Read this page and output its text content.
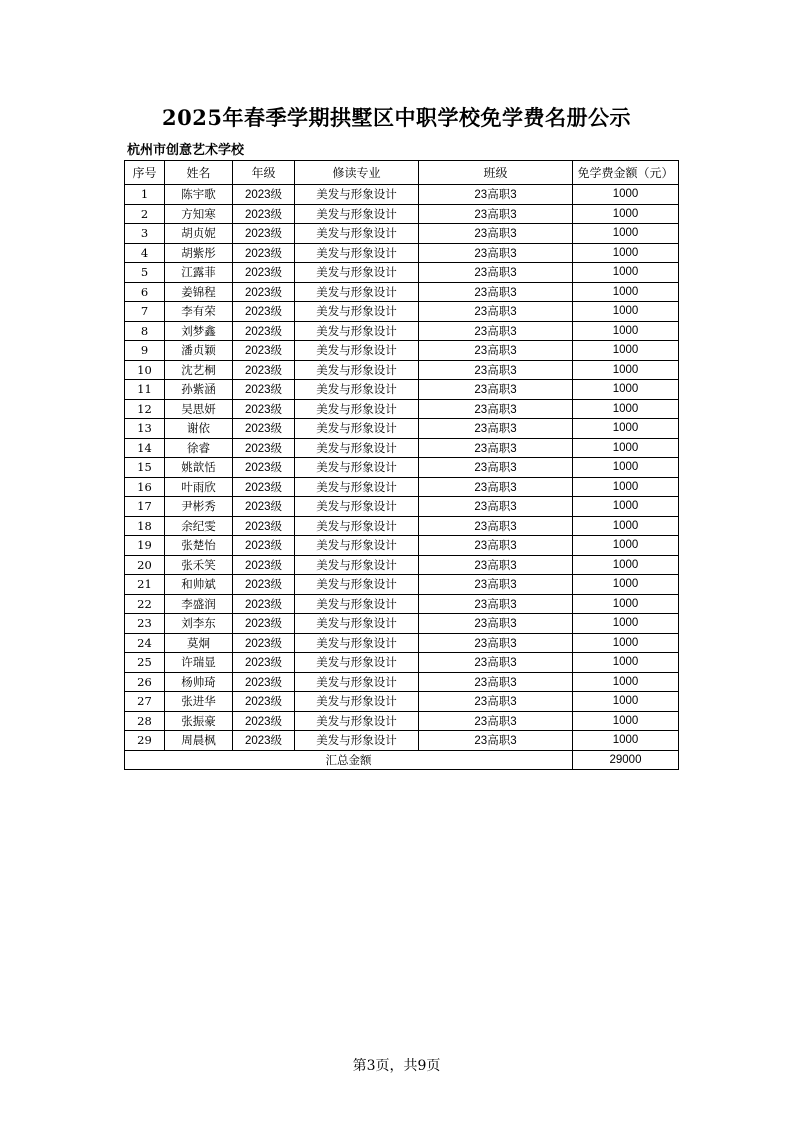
2025年春季学期拱墅区中职学校免学费名册公示
杭州市创意艺术学校
序号	姓名	年级	修读专业	班级	免学费金额（元）
1	陈宇歌	2023级	美发与形象设计	23高职3	1000
2	方知寒	2023级	美发与形象设计	23高职3	1000
3	胡贞妮	2023级	美发与形象设计	23高职3	1000
4	胡紫彤	2023级	美发与形象设计	23高职3	1000
5	江露菲	2023级	美发与形象设计	23高职3	1000
6	姜锦程	2023级	美发与形象设计	23高职3	1000
7	李有荣	2023级	美发与形象设计	23高职3	1000
8	刘梦鑫	2023级	美发与形象设计	23高职3	1000
9	潘贞颖	2023级	美发与形象设计	23高职3	1000
10	沈艺桐	2023级	美发与形象设计	23高职3	1000
11	孙紫涵	2023级	美发与形象设计	23高职3	1000
12	吴思妍	2023级	美发与形象设计	23高职3	1000
13	谢依	2023级	美发与形象设计	23高职3	1000
14	徐睿	2023级	美发与形象设计	23高职3	1000
15	姚歆恬	2023级	美发与形象设计	23高职3	1000
16	叶雨欣	2023级	美发与形象设计	23高职3	1000
17	尹彬秀	2023级	美发与形象设计	23高职3	1000
18	余纪雯	2023级	美发与形象设计	23高职3	1000
19	张楚怡	2023级	美发与形象设计	23高职3	1000
20	张禾笑	2023级	美发与形象设计	23高职3	1000
21	和帅斌	2023级	美发与形象设计	23高职3	1000
22	李盛润	2023级	美发与形象设计	23高职3	1000
23	刘李东	2023级	美发与形象设计	23高职3	1000
24	莫炯	2023级	美发与形象设计	23高职3	1000
25	许瑞显	2023级	美发与形象设计	23高职3	1000
26	杨帅琦	2023级	美发与形象设计	23高职3	1000
27	张进华	2023级	美发与形象设计	23高职3	1000
28	张振豪	2023级	美发与形象设计	23高职3	1000
29	周晨枫	2023级	美发与形象设计	23高职3	1000
汇总金额					29000
第3页，共9页
